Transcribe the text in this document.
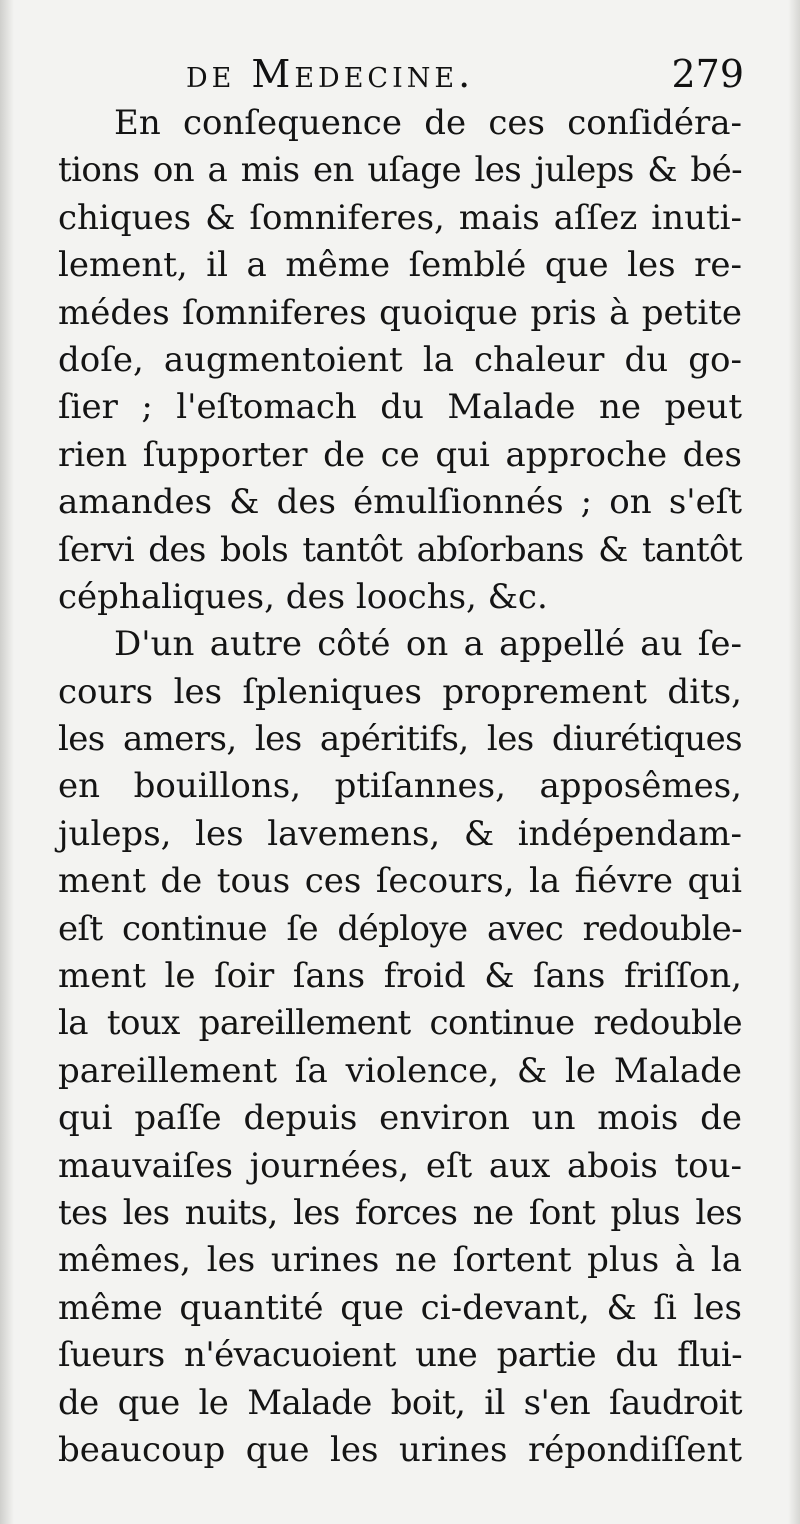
de Medecine.	279
En conſequence de ces conſidéra-
tions on a mis en uſage les juleps & bé-
chiques & ſomniferes, mais aſſez inuti-
lement, il a même ſemblé que les re-
médes ſomniferes quoique pris à petite
doſe, augmentoient la chaleur du go-
ſier ; l'eſtomach du Malade ne peut
rien ſupporter de ce qui approche des
amandes & des émulſionnés ; on s'eſt
ſervi des bols tantôt abſorbans & tantôt
céphaliques, des loochs, &c.
D'un autre côté on a appellé au ſe-
cours les ſpleniques proprement dits,
les amers, les apéritifs, les diurétiques
en bouillons, ptiſannes, apposêmes,
juleps, les lavemens, & indépendam-
ment de tous ces ſecours, la fiévre qui
eſt continue ſe déploye avec redouble-
ment le ſoir ſans froid & ſans friſſon,
la toux pareillement continue redouble
pareillement ſa violence, & le Malade
qui paſſe depuis environ un mois de
mauvaiſes journées, eſt aux abois tou-
tes les nuits, les forces ne ſont plus les
mêmes, les urines ne ſortent plus à la
même quantité que ci-devant, & ſi les
ſueurs n'évacuoient une partie du flui-
de que le Malade boit, il s'en ſaudroit
beaucoup que les urines répondiſſent
